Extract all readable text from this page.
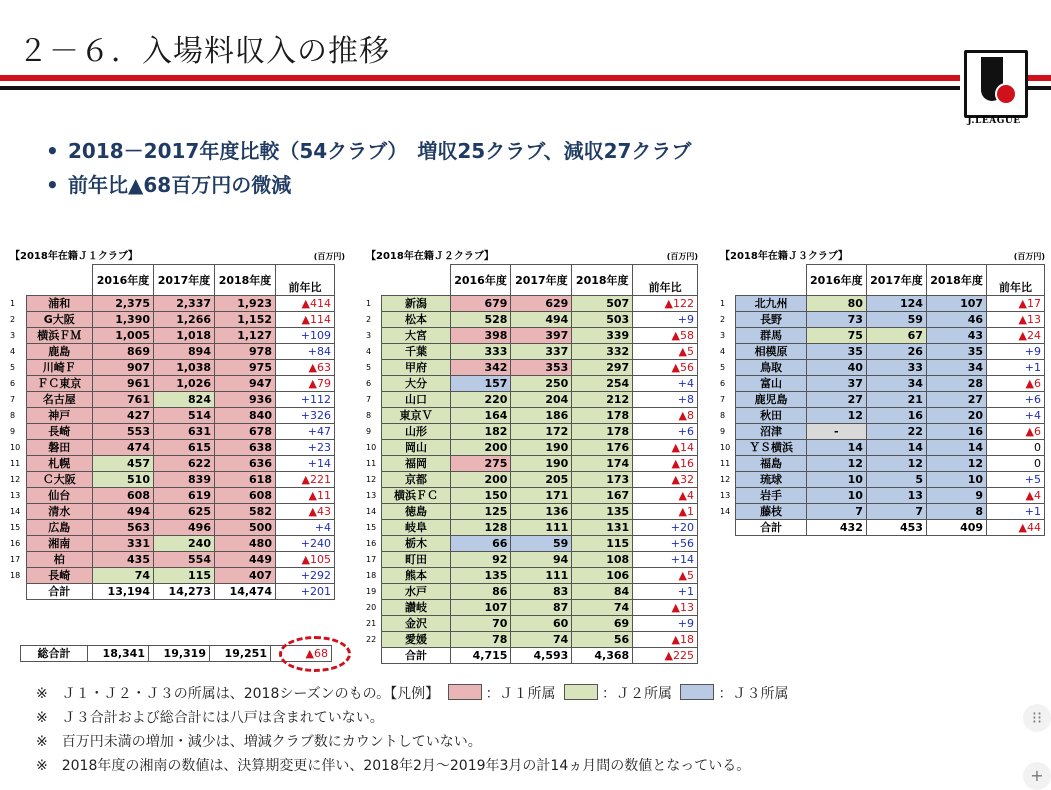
２－６．入場料収入の推移
J.LEAGUE
• 2018－2017年度比較（54クラブ）　増収25クラブ、減収27クラブ
• 前年比▲68百万円の微減
【2018年在籍Ｊ１クラブ】	(百万円)
		2016年度	2017年度	2018年度	前年比
1	浦和	2,375	2,337	1,923	▲414
2	G大阪	1,390	1,266	1,152	▲114
3	横浜ＦＭ	1,005	1,018	1,127	+109
4	鹿島	869	894	978	+84
5	川崎Ｆ	907	1,038	975	▲63
6	ＦＣ東京	961	1,026	947	▲79
7	名古屋	761	824	936	+112
8	神戸	427	514	840	+326
9	長崎	553	631	678	+47
10	磐田	474	615	638	+23
11	札幌	457	622	636	+14
12	Ｃ大阪	510	839	618	▲221
13	仙台	608	619	608	▲11
14	清水	494	625	582	▲43
15	広島	563	496	500	+4
16	湘南	331	240	480	+240
17	柏	435	554	449	▲105
18	長崎	74	115	407	+292
	合計	13,194	14,273	14,474	+201
【2018年在籍Ｊ２クラブ】	(百万円)
		2016年度	2017年度	2018年度	前年比
1	新潟	679	629	507	▲122
2	松本	528	494	503	+9
3	大宮	398	397	339	▲58
4	千葉	333	337	332	▲5
5	甲府	342	353	297	▲56
6	大分	157	250	254	+4
7	山口	220	204	212	+8
8	東京Ｖ	164	186	178	▲8
9	山形	182	172	178	+6
10	岡山	200	190	176	▲14
11	福岡	275	190	174	▲16
12	京都	200	205	173	▲32
13	横浜ＦＣ	150	171	167	▲4
14	徳島	125	136	135	▲1
15	岐阜	128	111	131	+20
16	栃木	66	59	115	+56
17	町田	92	94	108	+14
18	熊本	135	111	106	▲5
19	水戸	86	83	84	+1
20	讃岐	107	87	74	▲13
21	金沢	70	60	69	+9
22	愛媛	78	74	56	▲18
	合計	4,715	4,593	4,368	▲225
【2018年在籍Ｊ３クラブ】	(百万円)
		2016年度	2017年度	2018年度	前年比
1	北九州	80	124	107	▲17
2	長野	73	59	46	▲13
3	群馬	75	67	43	▲24
4	相模原	35	26	35	+9
5	鳥取	40	33	34	+1
6	富山	37	34	28	▲6
7	鹿児島	27	21	27	+6
8	秋田	12	16	20	+4
9	沼津	-	22	16	▲6
10	ＹＳ横浜	14	14	14	0
11	福島	12	12	12	0
12	琉球	10	5	10	+5
13	岩手	10	13	9	▲4
14	藤枝	7	7	8	+1
	合計	432	453	409	▲44
総合計	18,341	19,319	19,251	▲68
※　Ｊ１・Ｊ２・Ｊ３の所属は、2018シーズンのもの。【凡例】	：Ｊ１所属	：Ｊ２所属	：Ｊ３所属
※　Ｊ３合計および総合計には八戸は含まれていない。
※　百万円未満の増加・減少は、増減クラブ数にカウントしていない。
※　2018年度の湘南の数値は、決算期変更に伴い、2018年2月～2019年3月の計14ヵ月間の数値となっている。
⁝⁝
+
